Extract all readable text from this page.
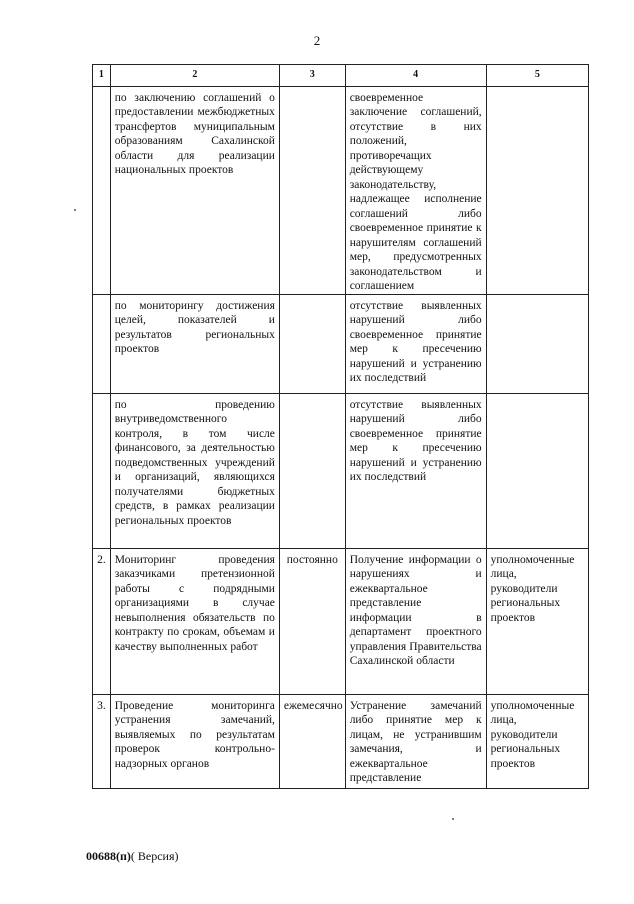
2
1	2	3	4	5
	по заключению соглашений о предоставлении межбюджетных трансфертов муниципальным образованиям Сахалинской области для реализации национальных проектов		своевременное заключение соглашений, отсутствие в них положений, противоречащих действующему законодательству, надлежащее исполнение соглашений либо своевременное принятие к нарушителям соглашений мер, предусмотренных законодательством и соглашением	
	по мониторингу достижения целей, показателей и результатов региональных проектов		отсутствие выявленных нарушений либо своевременное принятие мер к пресечению нарушений и устранению их последствий	
	по проведению внутриведомственного контроля, в том числе финансового, за деятельностью подведомственных учреждений и организаций, являющихся получателями бюджетных средств, в рамках реализации региональных проектов		отсутствие выявленных нарушений либо своевременное принятие мер к пресечению нарушений и устранению их последствий	
2.	Мониторинг проведения заказчиками претензионной работы с подрядными организациями в случае невыполнения обязательств по контракту по срокам, объемам и качеству выполненных работ	постоянно	Получение информации о нарушениях и ежеквартальное представление информации в департамент проектного управления Правительства Сахалинской области	уполномоченные лица, руководители региональных проектов
3.	Проведение мониторинга устранения замечаний, выявляемых по результатам проверок контрольно-надзорных органов	ежемесячно	Устранение замечаний либо принятие мер к лицам, не устранившим замечания, и ежеквартальное представление	уполномоченные лица, руководители региональных проектов
00688(п)( Версия)
